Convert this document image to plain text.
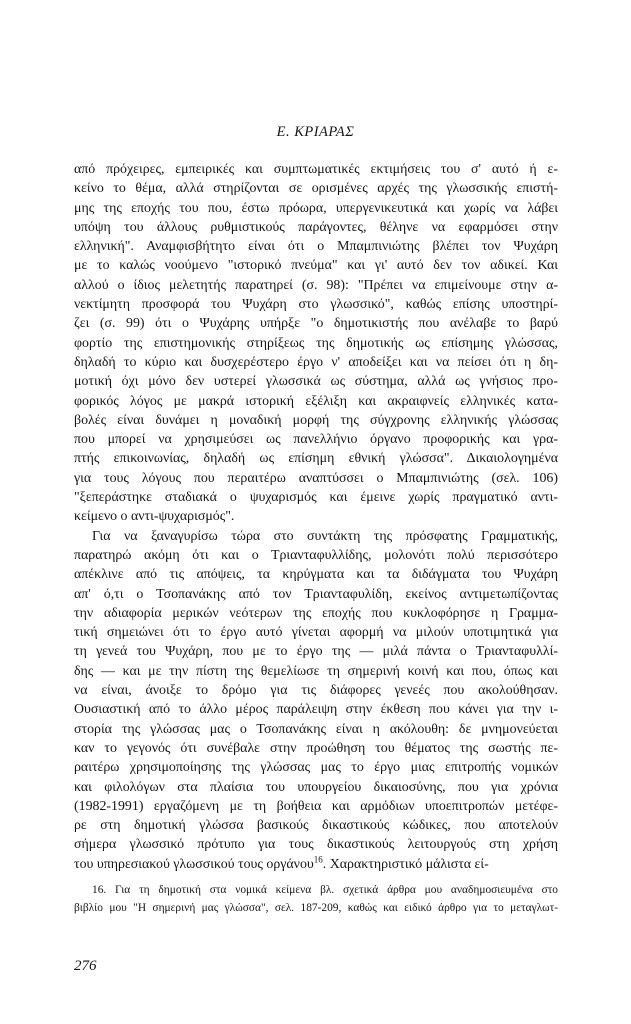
Ε. ΚΡΙΑΡΑΣ
από πρόχειρες, εμπειρικές και συμπτωματικές εκτιμήσεις του σ' αυτό ή ε-
κείνο το θέμα, αλλά στηρίζονται σε ορισμένες αρχές της γλωσσικής επιστή-
μης της εποχής του που, έστω πρόωρα, υπεργενικευτικά και χωρίς να λάβει
υπόψη του άλλους ρυθμιστικούς παράγοντες, θέληνε να εφαρμόσει στην
ελληνική". Αναμφισβήτητο είναι ότι ο Μπαμπινιώτης βλέπει τον Ψυχάρη
με το καλώς νοούμενο "ιστορικό πνεύμα" και γι' αυτό δεν τον αδικεί. Και
αλλού ο ίδιος μελετητής παρατηρεί (σ. 98): "Πρέπει να επιμείνουμε στην α-
νεκτίμητη προσφορά του Ψυχάρη στο γλωσσικό", καθώς επίσης υποστηρί-
ζει (σ. 99) ότι ο Ψυχάρης υπήρξε "ο δημοτικιστής που ανέλαβε το βαρύ
φορτίο της επιστημονικής στηρίξεως της δημοτικής ως επίσημης γλώσσας,
δηλαδή το κύριο και δυσχερέστερο έργο ν' αποδείξει και να πείσει ότι η δη-
μοτική όχι μόνο δεν υστερεί γλωσσικά ως σύστημα, αλλά ως γνήσιος προ-
φορικός λόγος με μακρά ιστορική εξέλιξη και ακραιφνείς ελληνικές κατα-
βολές είναι δυνάμει η μοναδική μορφή της σύγχρονης ελληνικής γλώσσας
που μπορεί να χρησιμεύσει ως πανελλήνιο όργανο προφορικής και γρα-
πτής επικοινωνίας, δηλαδή ως επίσημη εθνική γλώσσα". Δικαιολογημένα
για τους λόγους που περαιτέρω αναπτύσσει ο Μπαμπινιώτης (σελ. 106)
"ξεπεράστηκε σταδιακά ο ψυχαρισμός και έμεινε χωρίς πραγματικό αντι-
κείμενο ο αντι-ψυχαρισμός".
Για να ξαναγυρίσω τώρα στο συντάκτη της πρόσφατης Γραμματικής,
παρατηρώ ακόμη ότι και ο Τριανταφυλλίδης, μολονότι πολύ περισσότερο
απέκλινε από τις απόψεις, τα κηρύγματα και τα διδάγματα του Ψυχάρη
απ' ό,τι ο Τσοπανάκης από τον Τριανταφυλίδη, εκείνος αντιμετωπίζοντας
την αδιαφορία μερικών νεότερων της εποχής που κυκλοφόρησε η Γραμμα-
τική σημειώνει ότι το έργο αυτό γίνεται αφορμή να μιλούν υποτιμητικά για
τη γενεά του Ψυχάρη, που με το έργο της — μιλά πάντα ο Τριανταφυλλί-
δης — και με την πίστη της θεμελίωσε τη σημερινή κοινή και που, όπως και
να είναι, άνοιξε το δρόμο για τις διάφορες γενεές που ακολούθησαν.
Ουσιαστική από το άλλο μέρος παράλειψη στην έκθεση που κάνει για την ι-
στορία της γλώσσας μας ο Τσοπανάκης είναι η ακόλουθη: δε μνημονεύεται
καν το γεγονός ότι συνέβαλε στην προώθηση του θέματος της σωστής πε-
ραιτέρω χρησιμοποίησης της γλώσσας μας το έργο μιας επιτροπής νομικών
και φιλολόγων στα πλαίσια του υπουργείου δικαιοσύνης, που για χρόνια
(1982-1991) εργαζόμενη με τη βοήθεια και αρμόδιων υποεπιτροπών μετέφε-
ρε στη δημοτική γλώσσα βασικούς δικαστικούς κώδικες, που αποτελούν
σήμερα γλωσσικό πρότυπο για τους δικαστικούς λειτουργούς στη χρήση
του υπηρεσιακού γλωσσικού τους οργάνου$^{16}$. Χαρακτηριστικό μάλιστα εί-
16. Για τη δημοτική στα νομικά κείμενα βλ. σχετικά άρθρα μου αναδημοσιευμένα στο
βιβλίο μου "Η σημερινή μας γλώσσα", σελ. 187-209, καθώς και ειδικό άρθρο για το μεταγλωτ-
276
